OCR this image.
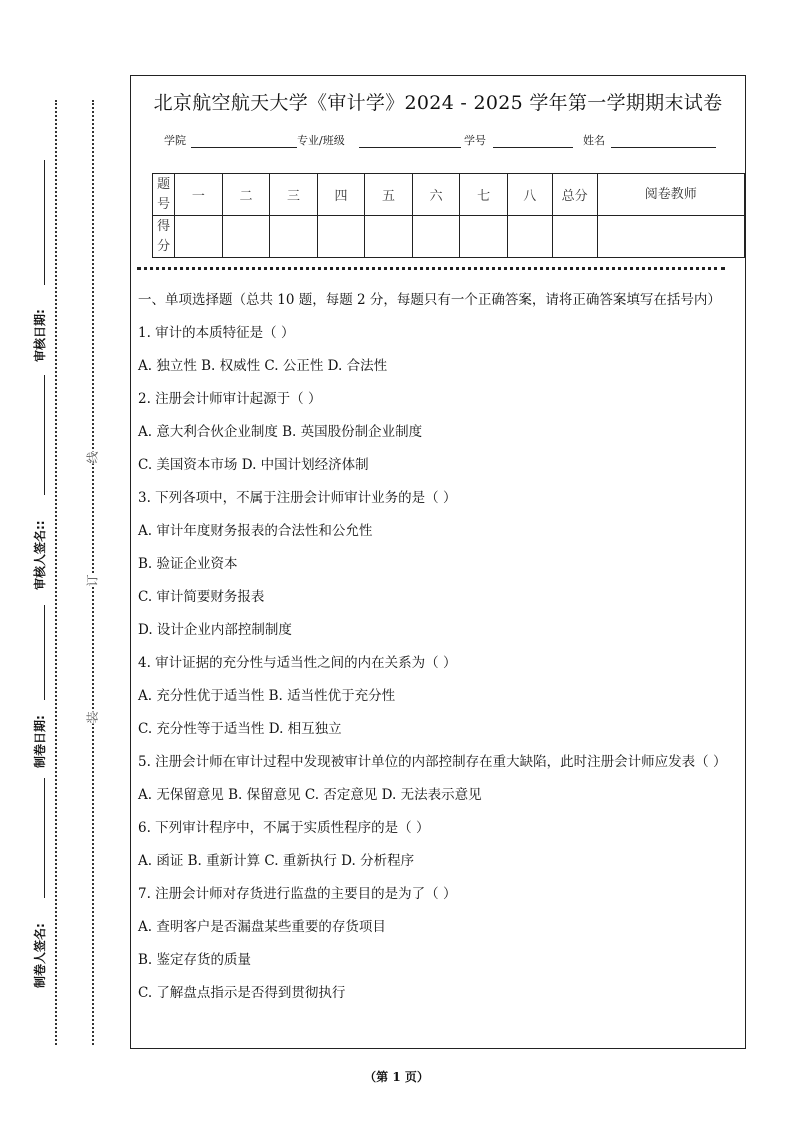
审核日期:
审核人签名::
制卷日期:
制卷人签名:
装
订
线
北京航空航天大学《审计学》2024 - 2025 学年第一学期期末试卷
学院	专业/班级	学号	姓名
题号	一	二	三	四	五	六	七	八	总分	阅卷教师
得分										
一、单项选择题（总共 10 题，每题 2 分，每题只有一个正确答案，请将正确答案填写在括号内）
1. 审计的本质特征是（ ）
A. 独立性 B. 权威性 C. 公正性 D. 合法性
2. 注册会计师审计起源于（ ）
A. 意大利合伙企业制度 B. 英国股份制企业制度
C. 美国资本市场 D. 中国计划经济体制
3. 下列各项中，不属于注册会计师审计业务的是（ ）
A. 审计年度财务报表的合法性和公允性
B. 验证企业资本
C. 审计简要财务报表
D. 设计企业内部控制制度
4. 审计证据的充分性与适当性之间的内在关系为（ ）
A. 充分性优于适当性 B. 适当性优于充分性
C. 充分性等于适当性 D. 相互独立
5. 注册会计师在审计过程中发现被审计单位的内部控制存在重大缺陷，此时注册会计师应发表（ ）
A. 无保留意见 B. 保留意见 C. 否定意见 D. 无法表示意见
6. 下列审计程序中，不属于实质性程序的是（ ）
A. 函证 B. 重新计算 C. 重新执行 D. 分析程序
7. 注册会计师对存货进行监盘的主要目的是为了（ ）
A. 查明客户是否漏盘某些重要的存货项目
B. 鉴定存货的质量
C. 了解盘点指示是否得到贯彻执行
（第 1 页）
